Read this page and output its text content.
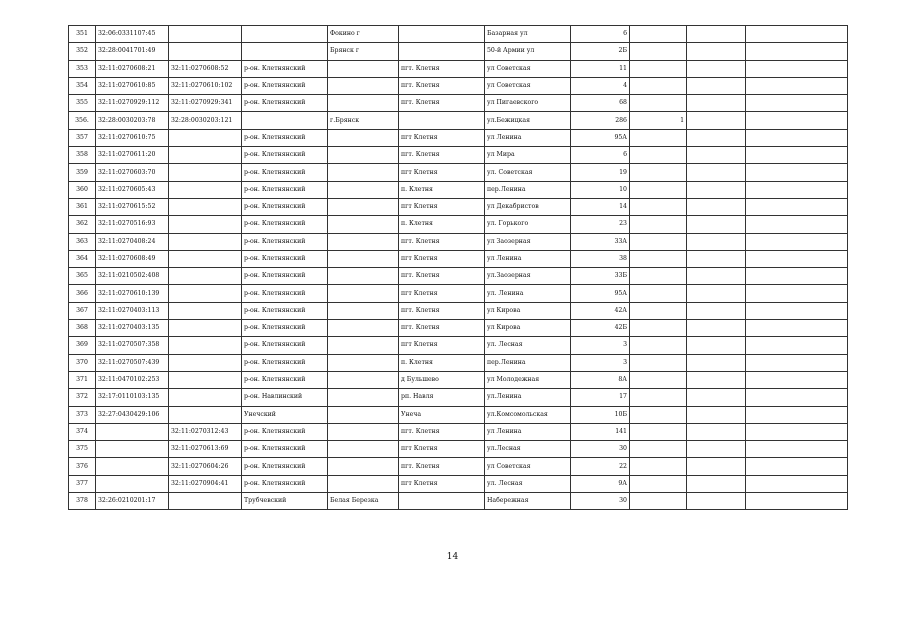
351	32:06:0331107:45			Фокино г		Базарная ул	6			
352	32:28:0041701:49			Брянск г		50-й Армии ул	2Б			
353	32:11:0270608:21	32:11:0270608:52	р-он. Клетнянский		пгт. Клетня	ул Советская	11			
354	32:11:0270610:85	32:11:0270610:102	р-он. Клетнянский		пгт. Клетня	ул Советская	4			
355	32:11:0270929:112	32:11:0270929:341	р-он. Клетнянский		пгт. Клетня	ул Пигаевского	68			
356.	32:28:0030203:78	32:28:0030203:121		г.Брянск		ул.Бежицкая	286	1		
357	32:11:0270610:75		р-он. Клетнянский		пгт Клетня	ул Ленина	95А			
358	32:11:0270611:20		р-он. Клетнянский		пгт. Клетня	ул Мира	6			
359	32:11:0270603:70		р-он. Клетнянский		пгт Клетня	ул. Советская	19			
360	32:11:0270605:43		р-он. Клетнянский		п. Клетня	пер.Ленина	10			
361	32:11:0270615:52		р-он. Клетнянский		пгт Клетня	ул Декабристов	14			
362	32:11:0270516:93		р-он. Клетнянский		п. Клетня	ул. Горького	23			
363	32:11:0270408:24		р-он. Клетнянский		пгт. Клетня	ул Заозерная	33А			
364	32:11:0270608:49		р-он. Клетнянский		пгт Клетня	ул Ленина	38			
365	32:11:0210502:408		р-он. Клетнянский		пгт. Клетня	ул.Заозерная	33Б			
366	32:11:0270610:139		р-он. Клетнянский		пгт Клетня	ул. Ленина	95А			
367	32:11:0270403:113		р-он. Клетнянский		пгт. Клетня	ул Кирова	42А			
368	32:11:0270403:135		р-он. Клетнянский		пгт. Клетня	ул Кирова	42Б			
369	32:11:0270507:358		р-он. Клетнянский		пгт Клетня	ул. Лесная	3			
370	32:11:0270507:439		р-он. Клетнянский		п. Клетня	пер.Ленина	3			
371	32:11:0470102:253		р-он. Клетнянский		д Бульшево	ул Молодежная	8А			
372	32:17:0110103:135		р-он. Навлинский		рп. Навля	ул.Ленина	17			
373	32:27:0430429:106		Унечский		Унеча	ул.Комсомольская	10Б			
374		32:11:0270312:43	р-он. Клетнянский		пгт. Клетня	ул Ленина	141			
375		32:11:0270613:69	р-он. Клетнянский		пгт Клетня	ул.Лесная	30			
376		32:11:0270604:26	р-он. Клетнянский		пгт. Клетня	ул Советская	22			
377		32:11:0270904:41	р-он. Клетнянский		пгт Клетня	ул. Лесная	9А			
378	32:26:0210201:17		Трубчевский	Белая Березка		Набережная	30			
14
